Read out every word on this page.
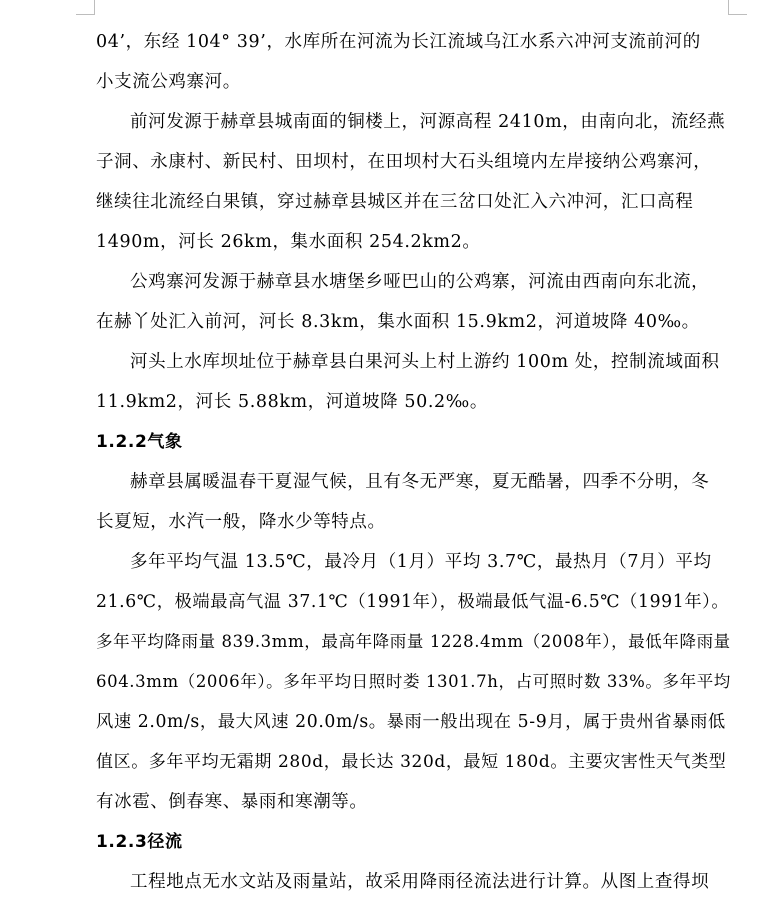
04’，东经 104° 39’，水库所在河流为长江流域乌江水系六冲河支流前河的
小支流公鸡寨河。
前河发源于赫章县城南面的铜楼上，河源高程 2410m，由南向北，流经燕
子洞、永康村、新民村、田坝村，在田坝村大石头组境内左岸接纳公鸡寨河，
继续往北流经白果镇，穿过赫章县城区并在三岔口处汇入六冲河，汇口高程
1490m，河长 26km，集水面积 254.2km2。
公鸡寨河发源于赫章县水塘堡乡哑巴山的公鸡寨，河流由西南向东北流，
在赫丫处汇入前河，河长 8.3km，集水面积 15.9km2，河道坡降 40‰。
河头上水库坝址位于赫章县白果河头上村上游约 100m 处，控制流域面积
11.9km2，河长 5.88km，河道坡降 50.2‰。
1.2.2气象
赫章县属暖温春干夏湿气候，且有冬无严寒，夏无酷暑，四季不分明，冬
长夏短，水汽一般，降水少等特点。
多年平均气温 13.5℃，最冷月（1月）平均 3.7℃，最热月（7月）平均
21.6℃，极端最高气温 37.1℃（1991年），极端最低气温-6.5℃（1991年）。
多年平均降雨量 839.3mm，最高年降雨量 1228.4mm（2008年），最低年降雨量
604.3mm（2006年）。多年平均日照时娄 1301.7h，占可照时数 33%。多年平均
风速 2.0m/s，最大风速 20.0m/s。暴雨一般出现在 5-9月，属于贵州省暴雨低
值区。多年平均无霜期 280d，最长达 320d，最短 180d。主要灾害性天气类型
有冰雹、倒春寒、暴雨和寒潮等。
1.2.3径流
工程地点无水文站及雨量站，故采用降雨径流法进行计算。从图上查得坝
